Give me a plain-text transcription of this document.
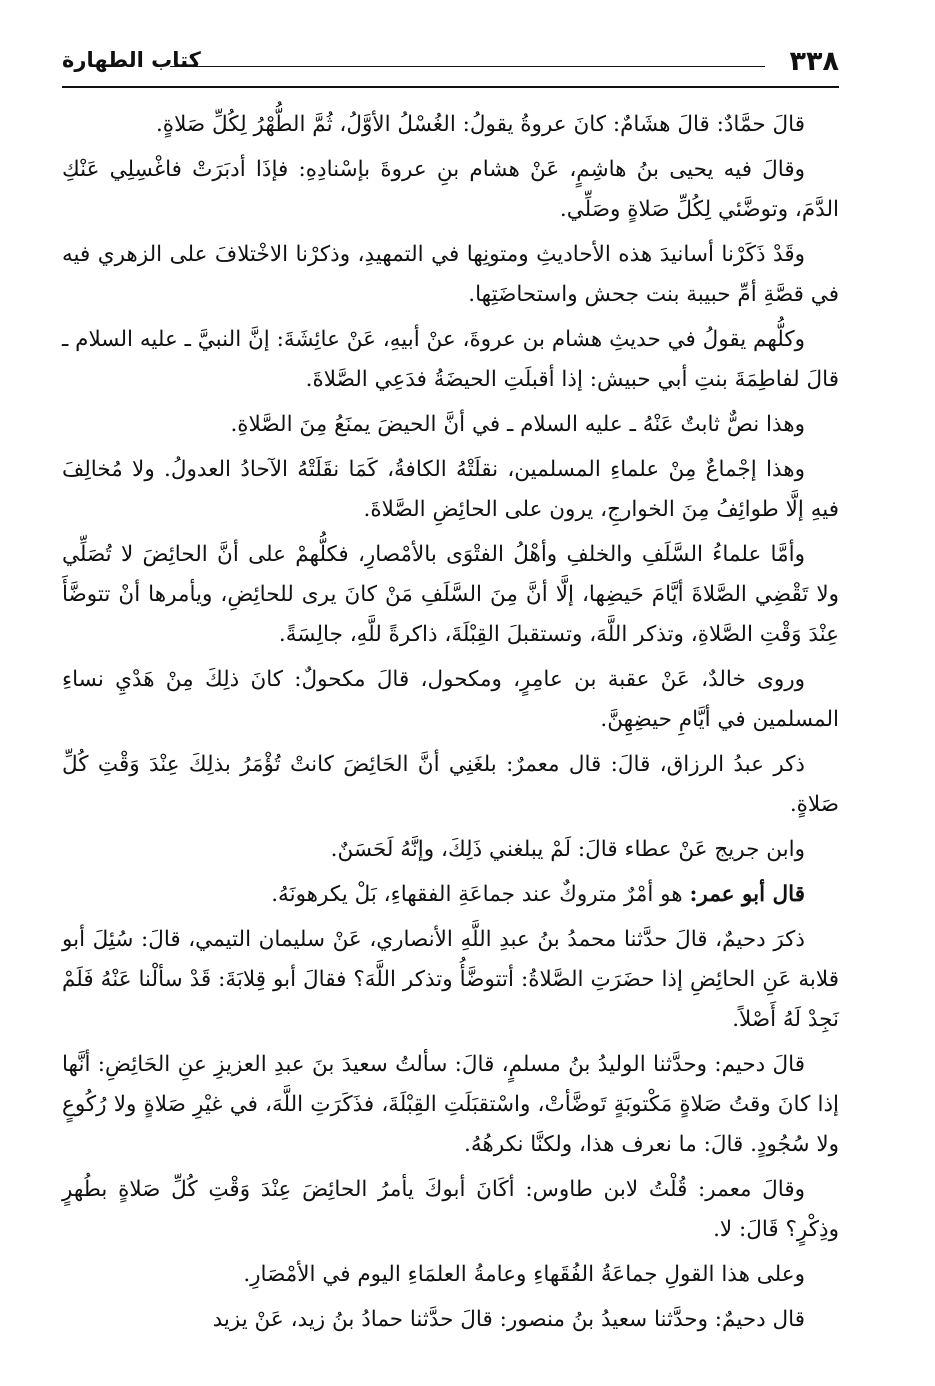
٣٣٨
كتاب الطهارة

قالَ حمَّادٌ: قالَ هشَامٌ: كانَ عروةُ يقولُ: الغُسْلُ الأوَّلُ، ثُمَّ الطُّهْرُ لِكُلِّ صَلاةٍ.

وقالَ فيه يحيى بنُ هاشِمٍ، عَنْ هشام بنِ عروةَ بإسْنادِهِ: فإذَا أدبَرَتْ فاغْسِلِي عَنْكِ الدَّمَ، وتوضَّئي لِكُلِّ صَلاةٍ وصَلِّي.

وقَدْ ذَكَرْنا أسانيدَ هذه الأحاديثِ ومتونِها في التمهيدِ، وذكرْنا الاخْتلافَ على الزهري فيه في قصَّةِ أمِّ حبيبة بنت جحش واستحاضَتِها.

وكلُّهم يقولُ في حديثِ هشام بن عروةَ، عنْ أبيهِ، عَنْ عائِشَةَ: إنَّ النبيَّ ـ عليه السلام ـ قالَ لفاطِمَةَ بنتِ أبي حبيش: إذا أقبلَتِ الحيضَةُ فدَعِي الصَّلاةَ.

وهذا نصٌّ ثابتٌ عَنْهُ ـ عليه السلام ـ في أنَّ الحيضَ يمنَعُ مِنَ الصَّلاةِ.

وهذا إجْماعٌ مِنْ علماءِ المسلمين، نقلَتْهُ الكافةُ، كَمَا نقَلَتْهُ الآحادُ العدولُ. ولا مُخالِفَ فيهِ إلَّا طوائِفُ مِنَ الخوارجِ، يرون على الحائِضِ الصَّلاةَ.

وأمَّا علماءُ السَّلَفِ والخلفِ وأهْلُ الفتْوَى بالأمْصارِ، فكلُّهمْ على أنَّ الحائِضَ لا تُصَلِّي ولا تَقْضِي الصَّلاةَ أيَّامَ حَيضِها، إلَّا أنَّ مِنَ السَّلَفِ مَنْ كانَ يرى للحائِضِ، ويأمرها أنْ تتوضَّأَ عِنْدَ وَقْتِ الصَّلاةِ، وتذكر اللَّهَ، وتستقبلَ القِبْلَةَ، ذاكرةً للَّهِ، جالِسَةً.

وروى خالدٌ، عَنْ عقبة بن عامِرٍ، ومكحول، قالَ مكحولٌ: كانَ ذلِكَ مِنْ هَدْيِ نساءِ المسلمين في أيَّامِ حيضِهِنَّ.

ذكر عبدُ الرزاق، قالَ: قال معمرٌ: بلغَنِي أنَّ الحَائِضَ كانتْ تُؤْمَرُ بذلِكَ عِنْدَ وَقْتِ كُلِّ صَلاةٍ.

وابن جريج عَنْ عطاء قالَ: لَمْ يبلغني ذَلِكَ، وإنَّهُ لَحَسَنٌ.

قال أبو عمر: هو أمْرٌ متروكٌ عند جماعَةِ الفقهاءِ، بَلْ يكرهونَهُ.

ذكرَ دحيمٌ، قالَ حدَّثنا محمدُ بنُ عبدِ اللَّهِ الأنصاري، عَنْ سليمان التيمي، قالَ: سُئِلَ أبو قلابة عَنِ الحائِضِ إذا حضَرَتِ الصَّلاةُ: أتتوضَّأُ وتذكر اللَّهَ؟ فقالَ أبو قِلابَةَ: قَدْ سألْنا عَنْهُ فَلَمْ نَجِدْ لَهُ أَصْلاً.

قالَ دحيم: وحدَّثنا الوليدُ بنُ مسلمٍ، قالَ: سألتُ سعيدَ بنَ عبدِ العزيزِ عنِ الحَائِضِ: أنَّها إذا كانَ وقتُ صَلاةٍ مَكْتوبَةٍ تَوضَّأتْ، واسْتقبَلَتِ القِبْلَةَ، فذَكَرَتِ اللَّهَ، في غيْرِ صَلاةٍ ولا رُكُوعٍ ولا سُجُودٍ. قالَ: ما نعرف هذا، ولكنَّا نكرهُهُ.

وقالَ معمر: قُلْتُ لابن طاوس: أكَانَ أبوكَ يأمرُ الحائِضَ عِنْدَ وَقْتِ كُلِّ صَلاةٍ بطُهرٍ وذِكْرٍ؟ قَالَ: لا.

وعلى هذا القولِ جماعَةُ الفُقَهاءِ وعامةُ العلمَاءِ اليوم في الأمْصَارِ.

قال دحيمٌ: وحدَّثنا سعيدُ بنُ منصور: قالَ حدَّثنا حمادُ بنُ زيد، عَنْ يزيد
